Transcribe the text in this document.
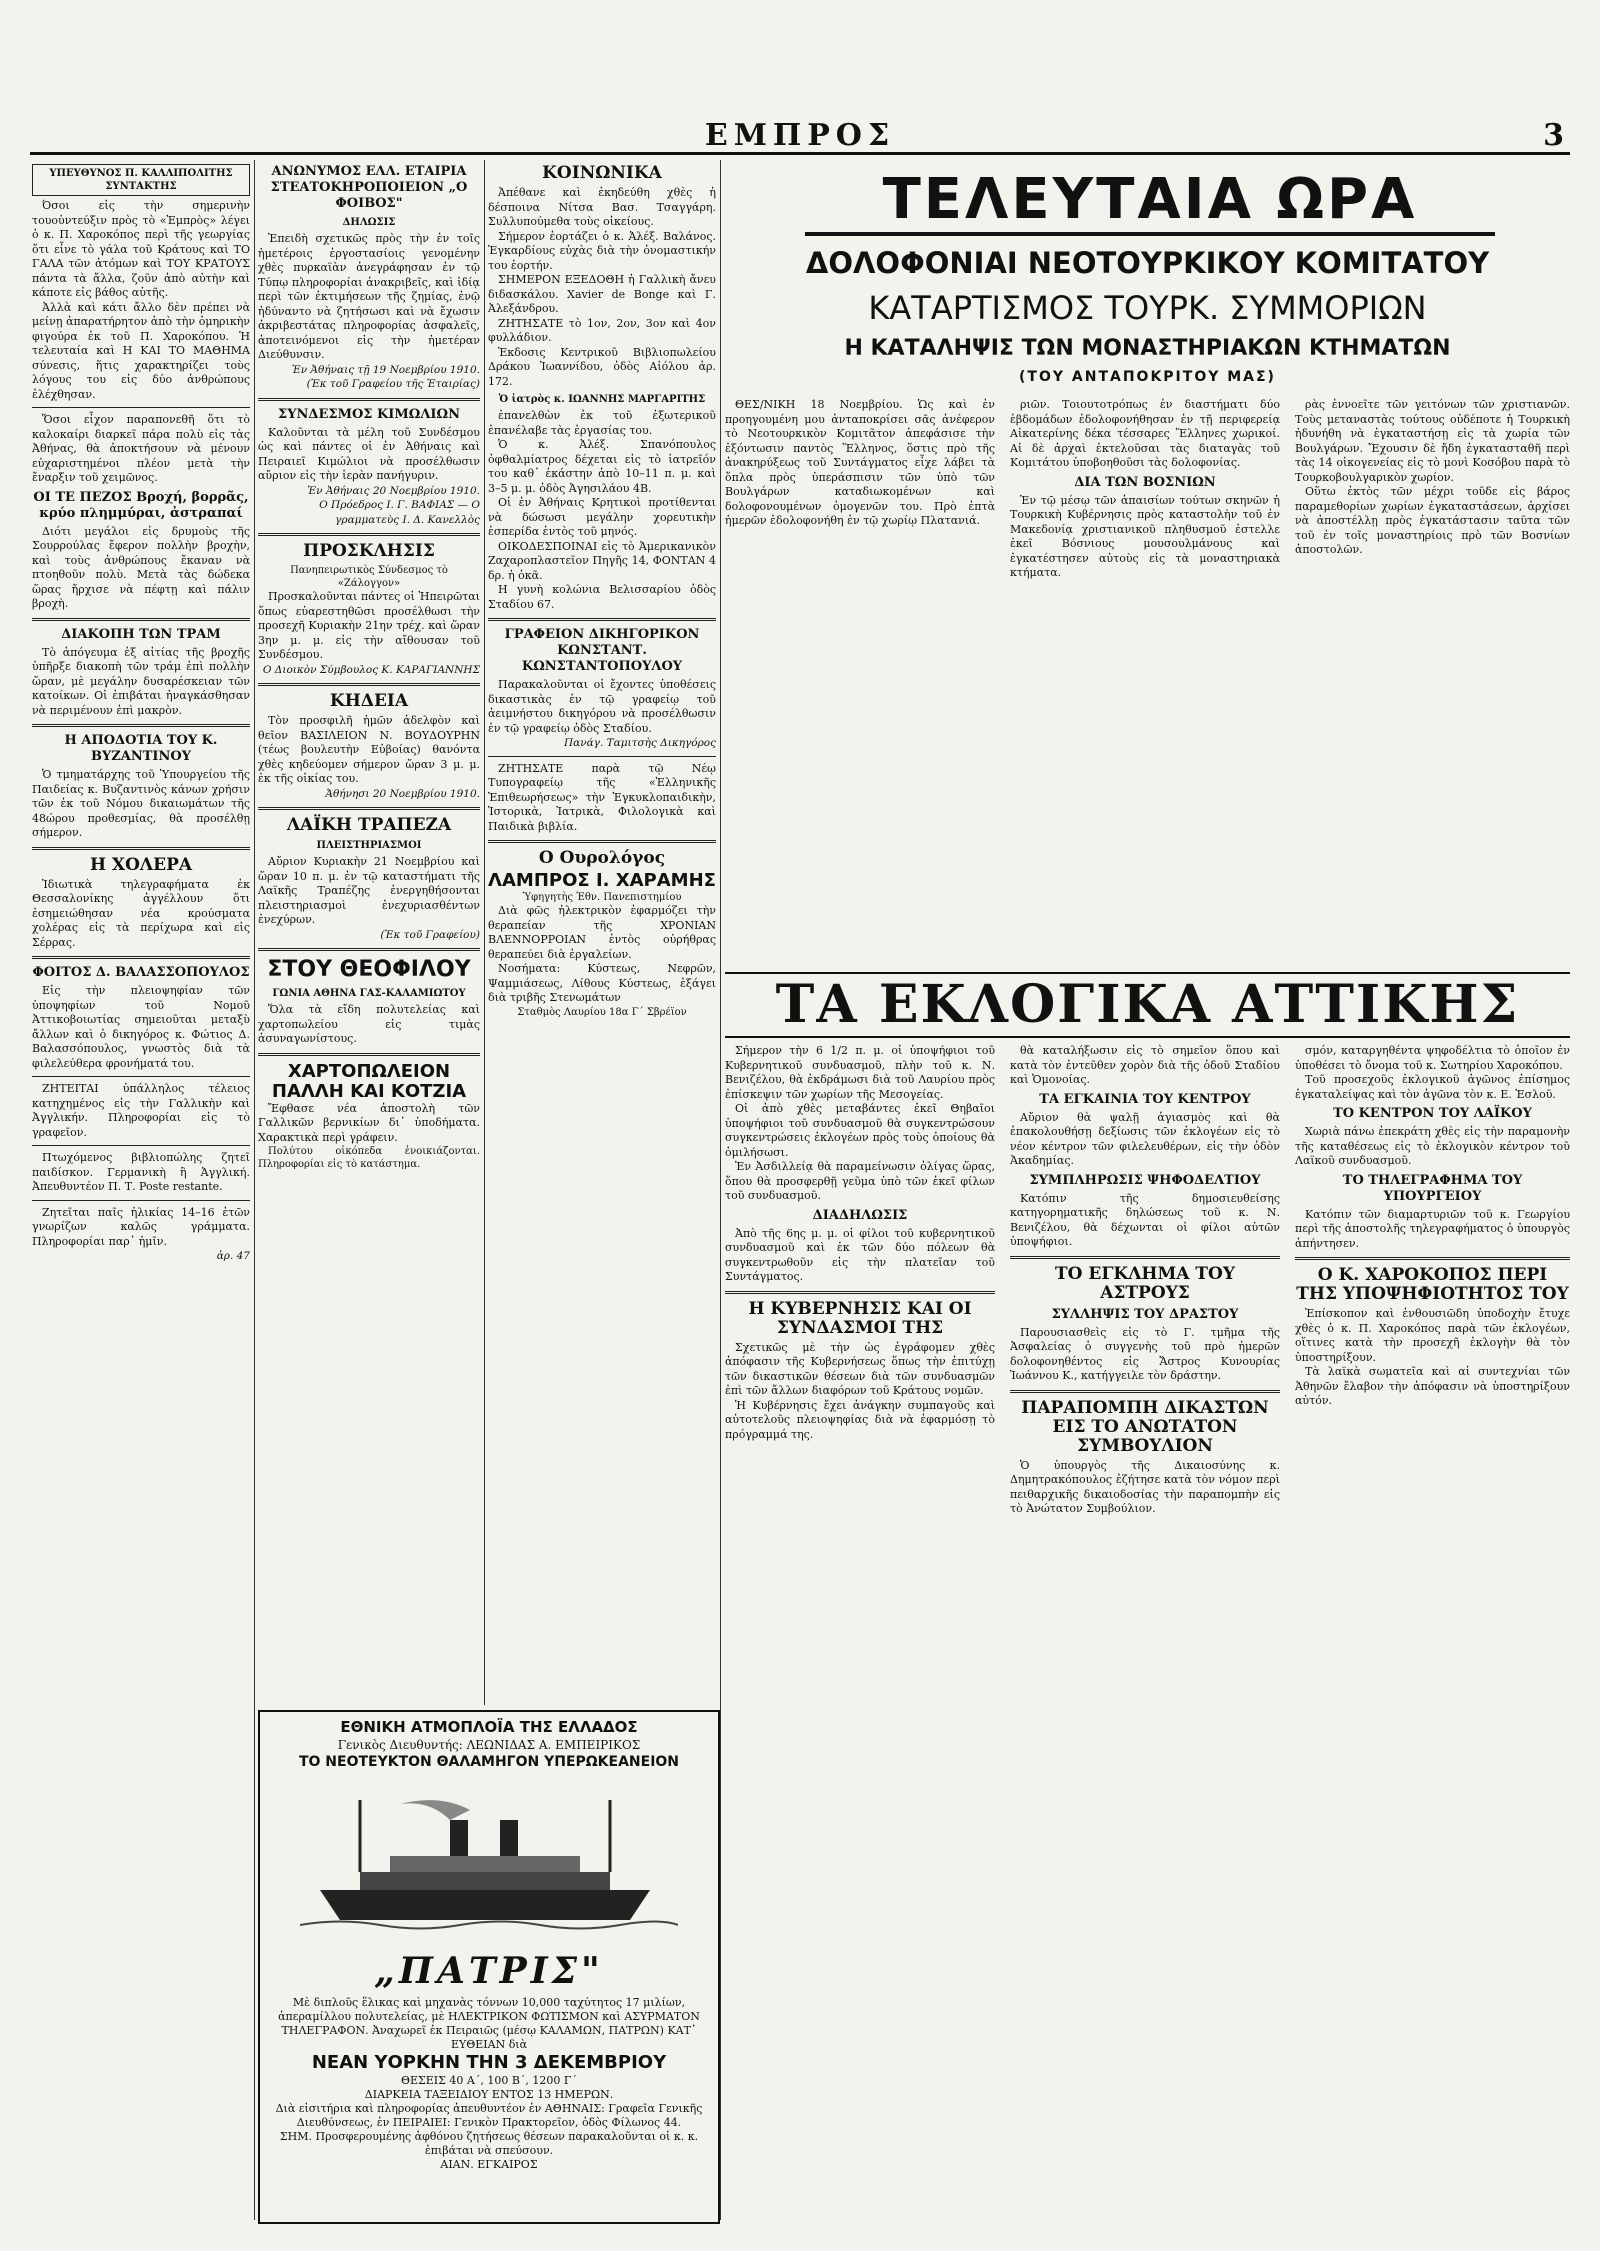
ΕΜΠΡΟΣ	3
ΥΠΕΥΘΥΝΟΣ Π. ΚΑΛΛΙΠΟΛΙΤΗΣ ΣΥΝΤΑΚΤΗΣ

Όσοι εἰς τὴν σημερινὴν τουοὐντεύξιν πρὸς τὸ «Ἐμπρὸς» λέγει ὁ κ. Π. Χαροκόπος περὶ τῆς γεωργίας ὅτι εἶνε τὸ γάλα τοῦ Κράτους καὶ ΤΟ ΓΑΛΑ τῶν ἀτόμων καὶ ΤΟΥ ΚΡΑΤΟΥΣ πάντα τὰ ἄλλα, ζοῦν ἀπὸ αὐτὴν καὶ κάποτε εἰς βάθος αὐτῆς.

Ἀλλὰ καὶ κάτι ἄλλο δὲν πρέπει νὰ μείνῃ ἀπαρατήρητον ἀπὸ τὴν ὁμηρικὴν φιγούρα ἐκ τοῦ Π. Χαροκόπου. Ἡ τελευταία καὶ Η ΚΑΙ ΤΟ ΜΑΘΗΜΑ σύνεσις, ἥτις χαρακτηρίζει τοὺς λόγους του εἰς δύο ἀνθρώπους ἐλέχθησαν.

Ὅσοι εἶχον παραπονεθῆ ὅτι τὸ καλοκαίρι διαρκεῖ πάρα πολὺ εἰς τὰς Ἀθήνας, θὰ ἀποκτήσουν νὰ μένουν εὐχαριστημένοι πλέον μετὰ τὴν ἔναρξιν τοῦ χειμῶνος.

ΟΙ ΤΕ ΠΕΖΟΣ Βροχή, βορρᾶς, κρύο πλημμύραι, ἀστραπαί

Διότι μεγάλοι εἰς δρυμοὺς τῆς Σουρρούλας ἔφερον πολλὴν βροχὴν, καὶ τοὺς ἀνθρώπους ἔκαναν νὰ πτοηθοῦν πολὺ. Μετὰ τὰς δώδεκα ὥρας ἤρχισε νὰ πέφτῃ καὶ πάλιν βροχὴ.

ΔΙΑΚΟΠΗ ΤΩΝ ΤΡΑΜ

Τὸ ἀπόγευμα ἐξ αἰτίας τῆς βροχῆς ὑπῆρξε διακοπὴ τῶν τράμ ἐπὶ πολλὴν ὥραν, μὲ μεγάλην δυσαρέσκειαν τῶν κατοίκων. Οἱ ἐπιβάται ἠναγκάσθησαν νὰ περιμένουν ἐπὶ μακρὸν.

Η ΑΠΟΔΟΤΙΑ ΤΟΥ Κ. ΒΥΖΑΝΤΙΝΟΥ

Ὁ τμηματάρχης τοῦ Ὑπουργείου τῆς Παιδείας κ. Βυζαντινὸς κάνων χρήσιν τῶν ἐκ τοῦ Νόμου δικαιωμάτων τῆς 48ώρου προθεσμίας, θὰ προσέλθῃ σήμερον.

Η ΧΟΛΕΡΑ

Ἰδιωτικὰ τηλεγραφήματα ἐκ Θεσσαλονίκης ἀγγέλλουν ὅτι ἐσημειώθησαν νέα κρούσματα χολέρας εἰς τὰ περίχωρα καὶ εἰς Σέρρας.

ΦΟΙΤΟΣ Δ. ΒΑΛΑΣΣΟΠΟΥΛΟΣ

Εἰς τὴν πλειοψηφίαν τῶν ὑποψηφίων τοῦ Νομοῦ Ἀττικοβοιωτίας σημειοῦται μεταξὺ ἄλλων καὶ ὁ δικηγόρος κ. Φώτιος Δ. Βαλασσόπουλος, γνωστὸς διὰ τὰ φιλελεύθερα φρονήματά του.

ΖΗΤΕΙΤΑΙ ὑπάλληλος τέλειος κατηχημένος εἰς τὴν Γαλλικὴν καὶ Ἀγγλικήν. Πληροφορίαι εἰς τὸ γραφεῖον.

Πτωχόμενος βιβλιοπώλης ζητεῖ παιδίσκον. Γερμανικὴ ἢ Ἀγγλική. Ἀπευθυντέον Π. Τ. Poste restante.

Ζητεῖται παῖς ἡλικίας 14–16 ἐτῶν γνωρίζων καλῶς γράμματα. Πληροφορίαι παρ᾽ ἡμῖν.

ἀρ. 47
ΑΝΩΝΥΜΟΣ ΕΛΛ. ΕΤΑΙΡΙΑ ΣΤΕΑΤΟΚΗΡΟΠΟΙΕΙΟΝ „Ο ΦΟΙΒΟΣ"
ΔΗΛΩΣΙΣ

Ἐπειδὴ σχετικῶς πρὸς τὴν ἐν τοῖς ἡμετέροις ἐργοστασίοις γενομένην χθὲς πυρκαϊὰν ἀνεγράφησαν ἐν τῷ Τύπῳ πληροφορίαι ἀνακριβεῖς, καὶ ἰδίᾳ περὶ τῶν ἐκτιμήσεων τῆς ζημίας, ἐνῷ ἠδύναντο νὰ ζητήσωσι καὶ νὰ ἔχωσιν ἀκριβεστάτας πληροφορίας ἀσφαλεῖς, ἀποτεινόμενοι εἰς τὴν ἡμετέραν Διεύθυνσιν.

Ἐν Ἀθήναις τῇ 19 Νοεμβρίου 1910.
(Ἐκ τοῦ Γραφείου τῆς Ἑταιρίας)
ΣΥΝΔΕΣΜΟΣ ΚΙΜΩΛΙΩΝ

Καλοῦνται τὰ μέλη τοῦ Συνδέσμου ὡς καὶ πάντες οἱ ἐν Ἀθήναις καὶ Πειραιεῖ Κιμώλιοι νὰ προσέλθωσιν αὔριον εἰς τὴν ἱερὰν πανήγυριν.

Ἐν Ἀθήναις 20 Νοεμβρίου 1910.
Ο Πρόεδρος Ι. Γ. ΒΑΦΙΑΣ — Ο γραμματεὺς Ι. Δ. Κανελλὸς
ΠΡΟΣΚΛΗΣΙΣ
Πανηπειρωτικὸς Σύνδεσμος τὸ «Ζάλογγον»

Προσκαλοῦνται πάντες οἱ Ἠπειρῶται ὅπως εὐαρεστηθῶσι προσέλθωσι τὴν προσεχῆ Κυριακὴν 21ην τρέχ. καὶ ὥραν 3ην μ. μ. εἰς τὴν αἴθουσαν τοῦ Συνδέσμου.

Ο Διοικὸν Σύμβουλος Κ. ΚΑΡΑΓΙΑΝΝΗΣ
ΚΗΔΕΙΑ

Τὸν προσφιλῆ ἡμῶν ἀδελφὸν καὶ θεῖον ΒΑΣΙΛΕΙΟΝ Ν. ΒΟΥΔΟΥΡΗΝ (τέως βουλευτὴν Εὐβοίας) θανόντα χθὲς κηδεύομεν σήμερον ὥραν 3 μ. μ. ἐκ τῆς οἰκίας του.

Ἀθήνησι 20 Νοεμβρίου 1910.
ΛΑΪΚΗ ΤΡΑΠΕΖΑ
ΠΛΕΙΣΤΗΡΙΑΣΜΟΙ

Αὔριον Κυριακὴν 21 Νοεμβρίου καὶ ὥραν 10 π. μ. ἐν τῷ καταστήματι τῆς Λαϊκῆς Τραπέζης ἐνεργηθήσονται πλειστηριασμοὶ ἐνεχυριασθέντων ἐνεχύρων.

(Ἐκ τοῦ Γραφείου)
ΣΤΟΥ ΘΕΟΦΙΛΟΥ
ΓΩΝΙΑ ΑΘΗΝΑ ΓΑΣ-ΚΑΛΑΜΙΩΤΟΥ

Ὅλα τὰ εἴδη πολυτελείας καὶ χαρτοπωλείου εἰς τιμὰς ἀσυναγωνίστους.

ΧΑΡΤΟΠΩΛΕΙΟΝ ΠΑΛΛΗ ΚΑΙ ΚΟΤΖΙΑ

Ἔφθασε νέα ἀποστολὴ τῶν Γαλλικῶν βερνικίων δι᾽ ὑποδήματα. Χαρακτικὰ περὶ γράφειν.

Πολύτου οἰκόπεδα ἐνοικιάζονται. Πληροφορίαι εἰς τὸ κατάστημα.

ΚΟΙΝΩΝΙΚΑ

Ἀπέθανε καὶ ἐκηδεύθη χθὲς ἡ δέσποινα Νίτσα Βασ. Τσαγγάρη. Συλλυπούμεθα τοὺς οἰκείους.

Σήμερον ἑορτάζει ὁ κ. Ἀλέξ. Βαλάνος. Ἐγκαρδίους εὐχὰς διὰ τὴν ὀνομαστικήν του ἑορτήν.

ΣΗΜΕΡΟΝ ΕΞΕΔΟΘΗ ἡ Γαλλικὴ ἄνευ διδασκάλου. Xavier de Bonge καὶ Γ. Ἀλεξάνδρου.

ΖΗΤΗΣΑΤΕ τὸ 1ον, 2ον, 3ον καὶ 4ον φυλλάδιον.

Ἐκδοσις Κεντρικοῦ Βιβλιοπωλείου Δράκου Ἰωαννίδου, ὁδὸς Αἰόλου ἀρ. 172.

Ὁ ἰατρὸς κ. ΙΩΑΝΝΗΣ ΜΑΡΓΑΡΙΤΗΣ

ἐπανελθὼν ἐκ τοῦ ἐξωτερικοῦ ἐπανέλαβε τὰς ἐργασίας του.

Ὁ κ. Ἀλέξ. Σπανόπουλος ὀφθαλμίατρος δέχεται εἰς τὸ ἰατρεῖόν του καθ᾽ ἑκάστην ἀπὸ 10–11 π. μ. καὶ 3–5 μ. μ. ὁδὸς Ἀγησιλάου 4Β.

Οἱ ἐν Ἀθήναις Κρητικοὶ προτίθενται νὰ δώσωσι μεγάλην χορευτικὴν ἑσπερίδα ἐντὸς τοῦ μηνός.

ΟΙΚΟΔΕΣΠΟΙΝΑΙ εἰς τὸ Ἀμερικανικὸν Ζαχαροπλαστεῖον Πηγῆς 14, ΦΟΝΤΑΝ 4 δρ. ἡ ὀκᾶ.

Η γυνὴ κολώνια Βελισσαρίου ὁδὸς Σταδίου 67.

ΓΡΑΦΕΙΟΝ ΔΙΚΗΓΟΡΙΚΟΝ ΚΩΝΣΤΑΝΤ. ΚΩΝΣΤΑΝΤΟΠΟΥΛΟΥ

Παρακαλοῦνται οἱ ἔχοντες ὑποθέσεις δικαστικὰς ἐν τῷ γραφείῳ τοῦ ἀειμνήστου δικηγόρου νὰ προσέλθωσιν ἐν τῷ γραφείῳ ὁδὸς Σταδίου.

Πανάγ. Ταμιτσὴς Δικηγόρος

ΖΗΤΗΣΑΤΕ παρὰ τῷ Νέῳ Τυπογραφείῳ τῆς «Ἑλληνικῆς Ἐπιθεωρήσεως» τὴν Ἐγκυκλοπαιδικὴν, Ἱστορικὰ, Ἰατρικὰ, Φιλολογικὰ καὶ Παιδικὰ βιβλία.

Ο Ουρολόγος
ΛΑΜΠΡΟΣ Ι. ΧΑΡΑΜΗΣ
Ὑφηγητὴς Ἐθν. Πανεπιστημίου

Διὰ φῶς ἠλεκτρικὸν ἐφαρμόζει τὴν θεραπείαν τῆς ΧΡΟΝΙΑΝ ΒΛΕΝΝΟΡΡΟΙΑΝ ἐντὸς οὐρήθρας θεραπεύει διὰ ἐργαλείων.

Νοσήματα: Κύστεως, Νεφρῶν, Ψαμμιάσεως, Λίθους Κύστεως, ἐξάγει διὰ τριβῆς Στενωμάτων

Σταθμὸς Λαυρίου 18α Γ΄ Σβρέϊον
ΕΘΝΙΚΗ ΑΤΜΟΠΛΟΪΑ ΤΗΣ ΕΛΛΑΔΟΣ
Γενικὸς Διευθυντής: ΛΕΩΝΙΔΑΣ Α. ΕΜΠΕΙΡΙΚΟΣ
ΤΟ ΝΕΟΤΕΥΚΤΟΝ ΘΑΛΑΜΗΓΟΝ ΥΠΕΡΩΚΕΑΝΕΙΟΝ
„ΠΑΤΡΙΣ"
Μὲ διπλοῦς ἕλικας καὶ μηχανὰς τόννων 10,000 ταχύτητος 17 μιλίων, ἀπεραμίλλου πολυτελείας, μὲ ΗΛΕΚΤΡΙΚΟΝ ΦΩΤΙΣΜΟΝ καὶ ΑΣΥΡΜΑΤΟΝ ΤΗΛΕΓΡΑΦΟΝ. Ἀναχωρεῖ ἐκ Πειραιῶς (μέσῳ ΚΑΛΑΜΩΝ, ΠΑΤΡΩΝ) ΚΑΤ᾽ ΕΥΘΕΙΑΝ διὰ
ΝΕΑΝ ΥΟΡΚΗΝ ΤΗΝ 3 ΔΕΚΕΜΒΡΙΟΥ
ΘΕΣΕΙΣ 40 Α΄, 100 Β΄, 1200 Γ΄
ΔΙΑΡΚΕΙΑ ΤΑΞΕΙΔΙΟΥ ΕΝΤΟΣ 13 ΗΜΕΡΩΝ.
Διὰ εἰσιτήρια καὶ πληροφορίας ἀπευθυντέον ἐν ΑΘΗΝΑΙΣ: Γραφεῖα Γενικῆς Διευθύνσεως, ἐν ΠΕΙΡΑΙΕΙ: Γενικὸν Πρακτορεῖον, ὁδὸς Φίλωνος 44.
ΣΗΜ. Προσφερουμένης ἀφθόνου ζητήσεως θέσεων παρακαλοῦνται οἱ κ. κ. ἐπιβάται νὰ σπεύσουν.
ΑΙΑΝ. ΕΓΚΑΙΡΟΣ
ΤΕΛΕΥΤΑΙΑ ΩΡΑ
ΔΟΛΟΦΟΝΙΑΙ ΝΕΟΤΟΥΡΚΙΚΟΥ ΚΟΜΙΤΑΤΟΥ
ΚΑΤΑΡΤΙΣΜΟΣ ΤΟΥΡΚ. ΣΥΜΜΟΡΙΩΝ
Η ΚΑΤΑΛΗΨΙΣ ΤΩΝ ΜΟΝΑΣΤΗΡΙΑΚΩΝ ΚΤΗΜΑΤΩΝ
(ΤΟΥ ΑΝΤΑΠΟΚΡΙΤΟΥ ΜΑΣ)

ΘΕΣ/ΝΙΚΗ 18 Νοεμβρίου. Ὡς καὶ ἐν προηγουμένη μου ἀνταποκρίσει σᾶς ἀνέφερον τὸ Νεοτουρκικὸν Κομιτᾶτον ἀπεφάσισε τὴν ἐξόντωσιν παντὸς Ἕλληνος, ὅστις πρὸ τῆς ἀνακηρύξεως τοῦ Συντάγματος εἶχε λάβει τὰ ὅπλα πρὸς ὑπεράσπισιν τῶν ὑπὸ τῶν Βουλγάρων καταδιωκομένων καὶ δολοφονουμένων ὁμογενῶν του. Πρὸ ἐπτὰ ἡμερῶν ἐδολοφονήθη ἐν τῷ χωρίῳ Πλατανιά.

ριῶν. Τοιουτοτρόπως ἐν διαστήματι δύο ἑβδομάδων ἐδολοφονήθησαν ἐν τῇ περιφερείᾳ Αἰκατερίνης δέκα τέσσαρες Ἕλληνες χωρικοί. Αἱ δὲ ἀρχαὶ ἐκτελοῦσαι τὰς διαταγὰς τοῦ Κομιτάτου ὑποβοηθοῦσι τὰς δολοφονίας.

ΔΙΑ ΤΩΝ ΒΟΣΝΙΩΝ

Ἐν τῷ μέσῳ τῶν ἀπαισίων τούτων σκηνῶν ἡ Τουρκικὴ Κυβέρνησις πρὸς καταστολὴν τοῦ ἐν Μακεδονίᾳ χριστιανικοῦ πληθυσμοῦ ἐστελλε ἐκεῖ Βόσνιους μουσουλμάνους καὶ ἐγκατέστησεν αὐτοὺς εἰς τὰ μοναστηριακὰ κτήματα.

ρὰς ἐννοεῖτε τῶν γειτόνων τῶν χριστιανῶν. Τοὺς μεταναστὰς τούτους οὐδέποτε ἡ Τουρκικὴ ἠδυνήθη νὰ ἐγκαταστήσῃ εἰς τὰ χωρία τῶν Βουλγάρων. Ἔχουσιν δὲ ἤδη ἐγκατασταθῆ περὶ τὰς 14 οἰκογενείας εἰς τὸ μονὶ Κοσόβου παρὰ τὸ Τουρκοβουλγαρικὸν χωρίον.

Οὕτω ἐκτὸς τῶν μέχρι τοῦδε εἰς βάρος παραμεθορίων χωρίων ἐγκαταστάσεων, ἀρχίσει νὰ ἀποστέλλῃ πρὸς ἐγκατάστασιν ταῦτα τῶν τοῦ ἐν τοῖς μοναστηρίοις πρὸ τῶν Βοσνίων ἀποστολῶν.

ΤΑ ΕΚΛΟΓΙΚΑ ΑΤΤΙΚΗΣ

Σήμερον τὴν 6 1/2 π. μ. οἱ ὑποψήφιοι τοῦ Κυβερνητικοῦ συνδυασμοῦ, πλὴν τοῦ κ. Ν. Βενιζέλου, θὰ ἐκδράμωσι διὰ τοῦ Λαυρίου πρὸς ἐπίσκεψιν τῶν χωρίων τῆς Μεσογείας.

Οἱ ἀπὸ χθὲς μεταβάντες ἐκεῖ Θηβαῖοι ὑποψήφιοι τοῦ συνδυασμοῦ θὰ συγκεντρώσουν συγκεντρώσεις ἐκλογέων πρὸς τοὺς ὁποίους θὰ ὁμιλήσωσι.

Ἐν Ἀσδιλλείᾳ θὰ παραμείνωσιν ὀλίγας ὥρας, ὅπου θὰ προσφερθῇ γεῦμα ὑπὸ τῶν ἐκεῖ φίλων τοῦ συνδυασμοῦ.

ΔΙΑΔΗΛΩΣΙΣ

Ἀπὸ τῆς 6ης μ. μ. οἱ φίλοι τοῦ κυβερνητικοῦ συνδυασμοῦ καὶ ἐκ τῶν δύο πόλεων θὰ συγκεντρωθοῦν εἰς τὴν πλατεῖαν τοῦ Συντάγματος.

Η ΚΥΒΕΡΝΗΣΙΣ ΚΑΙ ΟΙ ΣΥΝΔΑΣΜΟΙ ΤΗΣ

Σχετικῶς μὲ τὴν ὡς ἐγράφομεν χθὲς ἀπόφασιν τῆς Κυβερνήσεως ὅπως τὴν ἐπιτύχῃ τῶν δικαστικῶν θέσεων διὰ τῶν συνδυασμῶν ἐπὶ τῶν ἄλλων διαφόρων τοῦ Κράτους νομῶν.

Ἡ Κυβέρνησις ἔχει ἀνάγκην συμπαγοῦς καὶ αὐτοτελοῦς πλειοψηφίας διὰ νὰ ἐφαρμόσῃ τὸ πρόγραμμά της.

θὰ καταλήξωσιν εἰς τὸ σημεῖον ὅπου καὶ κατὰ τὸν ἐντεῦθεν χορὸν διὰ τῆς ὁδοῦ Σταδίου καὶ Ὁμονοίας.

ΤΑ ΕΓΚΑΙΝΙΑ ΤΟΥ ΚΕΝΤΡΟΥ

Αὔριον θὰ ψαλῇ ἁγιασμὸς καὶ θὰ ἐπακολουθήσῃ δεξίωσις τῶν ἐκλογέων εἰς τὸ νέον κέντρον τῶν φιλελευθέρων, εἰς τὴν ὁδὸν Ἀκαδημίας.

ΣΥΜΠΛΗΡΩΣΙΣ ΨΗΦΟΔΕΛΤΙΟΥ

Κατόπιν τῆς δημοσιευθείσης κατηγορηματικῆς δηλώσεως τοῦ κ. Ν. Βενιζέλου, θὰ δέχωνται οἱ φίλοι αὐτῶν ὑποψήφιοι.

ΤΟ ΕΓΚΛΗΜΑ ΤΟΥ ΑΣΤΡΟΥΣ
ΣΥΛΛΗΨΙΣ ΤΟΥ ΔΡΑΣΤΟΥ

Παρουσιασθεὶς εἰς τὸ Γ. τμῆμα τῆς Ἀσφαλείας ὁ συγγενὴς τοῦ πρὸ ἡμερῶν δολοφονηθέντος εἰς Ἄστρος Κυνουρίας Ἰωάννου Κ., κατήγγειλε τὸν δράστην.

ΠΑΡΑΠΟΜΠΗ ΔΙΚΑΣΤΩΝ ΕΙΣ ΤΟ ΑΝΩΤΑΤΟΝ ΣΥΜΒΟΥΛΙΟΝ

Ὁ ὑπουργὸς τῆς Δικαιοσύνης κ. Δημητρακόπουλος ἐζήτησε κατὰ τὸν νόμον περὶ πειθαρχικῆς δικαιοδοσίας τὴν παραπομπὴν εἰς τὸ Ἀνώτατον Συμβούλιον.

σμόν, καταργηθέντα ψηφοδέλτια τὸ ὁποῖον ἐν ὑποθέσει τὸ ὄνομα τοῦ κ. Σωτηρίου Χαροκόπου.

Τοῦ προσεχοῦς ἐκλογικοῦ ἀγῶνος ἐπίσημος ἐγκαταλείψας καὶ τὸν ἀγῶνα τὸν κ. Ε. Ἑσλοῦ.

ΤΟ ΚΕΝΤΡΟΝ ΤΟΥ ΛΑΪΚΟΥ

Χωριὰ πάνω ἐπεκράτη χθὲς εἰς τὴν παραμονὴν τῆς καταθέσεως εἰς τὸ ἐκλογικὸν κέντρον τοῦ Λαϊκοῦ συνδυασμοῦ.

ΤΟ ΤΗΛΕΓΡΑΦΗΜΑ ΤΟΥ ΥΠΟΥΡΓΕΙΟΥ

Κατόπιν τῶν διαμαρτυριῶν τοῦ κ. Γεωργίου περὶ τῆς ἀποστολῆς τηλεγραφήματος ὁ ὑπουργὸς ἀπήντησεν.

Ο Κ. ΧΑΡΟΚΟΠΟΣ ΠΕΡΙ ΤΗΣ ΥΠΟΨΗΦΙΟΤΗΤΟΣ ΤΟΥ

Ἐπίσκοπον καὶ ἐνθουσιῶδη ὑποδοχὴν ἔτυχε χθὲς ὁ κ. Π. Χαροκόπος παρὰ τῶν ἐκλογέων, οἵτινες κατὰ τὴν προσεχῆ ἐκλογὴν θὰ τὸν ὑποστηρίξουν.

Τὰ λαϊκὰ σωματεῖα καὶ αἱ συντεχνίαι τῶν Ἀθηνῶν ἔλαβον τὴν ἀπόφασιν νὰ ὑποστηρίξουν αὐτόν.
